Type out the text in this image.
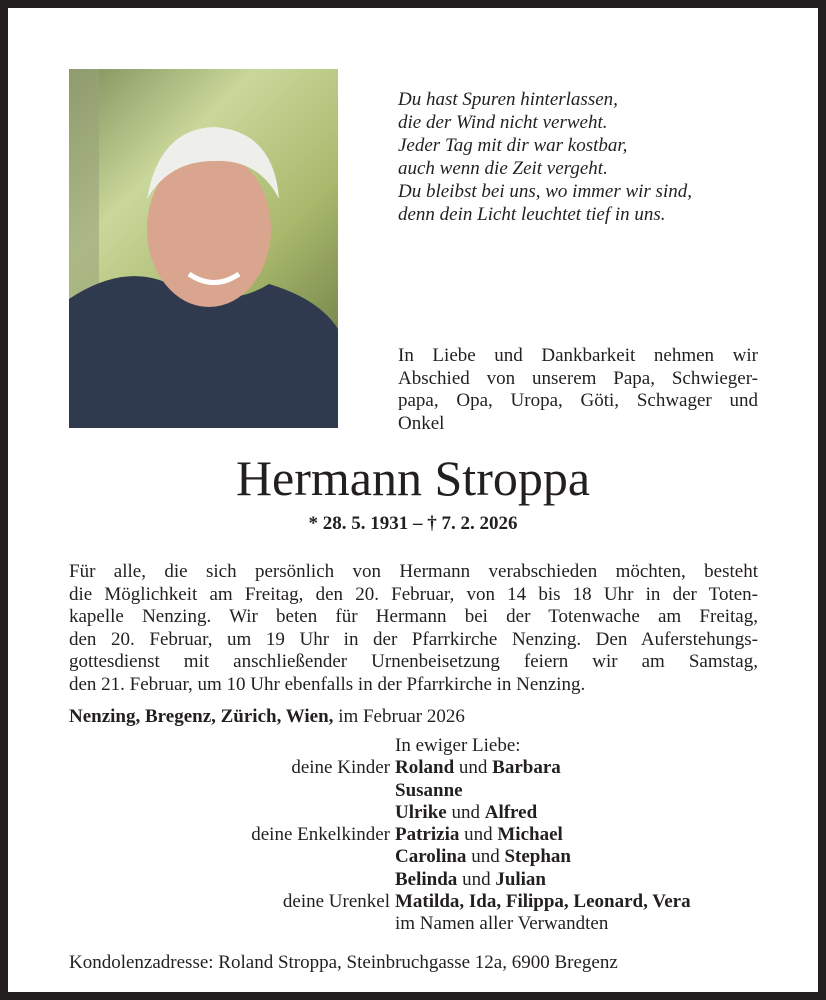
Du hast Spuren hinterlassen,
die der Wind nicht verweht.
Jeder Tag mit dir war kostbar,
auch wenn die Zeit vergeht.
Du bleibst bei uns, wo immer wir sind,
denn dein Licht leuchtet tief in uns.
In Liebe und Dankbarkeit nehmen wir
Abschied von unserem Papa, Schwieger-
papa, Opa, Uropa, Göti, Schwager und
Onkel
Hermann Stroppa
* 28. 5. 1931 – † 7. 2. 2026
Für alle, die sich persönlich von Hermann verabschieden möchten, besteht
die Möglichkeit am Freitag, den 20. Februar, von 14 bis 18 Uhr in der Toten-
kapelle Nenzing. Wir beten für Hermann bei der Totenwache am Freitag,
den 20. Februar, um 19 Uhr in der Pfarrkirche Nenzing. Den Auferstehungs-
gottesdienst mit anschließender Urnenbeisetzung feiern wir am Samstag,
den 21. Februar, um 10 Uhr ebenfalls in der Pfarrkirche in Nenzing.
Nenzing, Bregenz, Zürich, Wien, im Februar 2026
In ewiger Liebe:
deine Kinder Roland und Barbara
Susanne
Ulrike und Alfred
deine Enkelkinder Patrizia und Michael
Carolina und Stephan
Belinda und Julian
deine Urenkel Matilda, Ida, Filippa, Leonard, Vera
im Namen aller Verwandten
Kondolenzadresse: Roland Stroppa, Steinbruchgasse 12a, 6900 Bregenz
